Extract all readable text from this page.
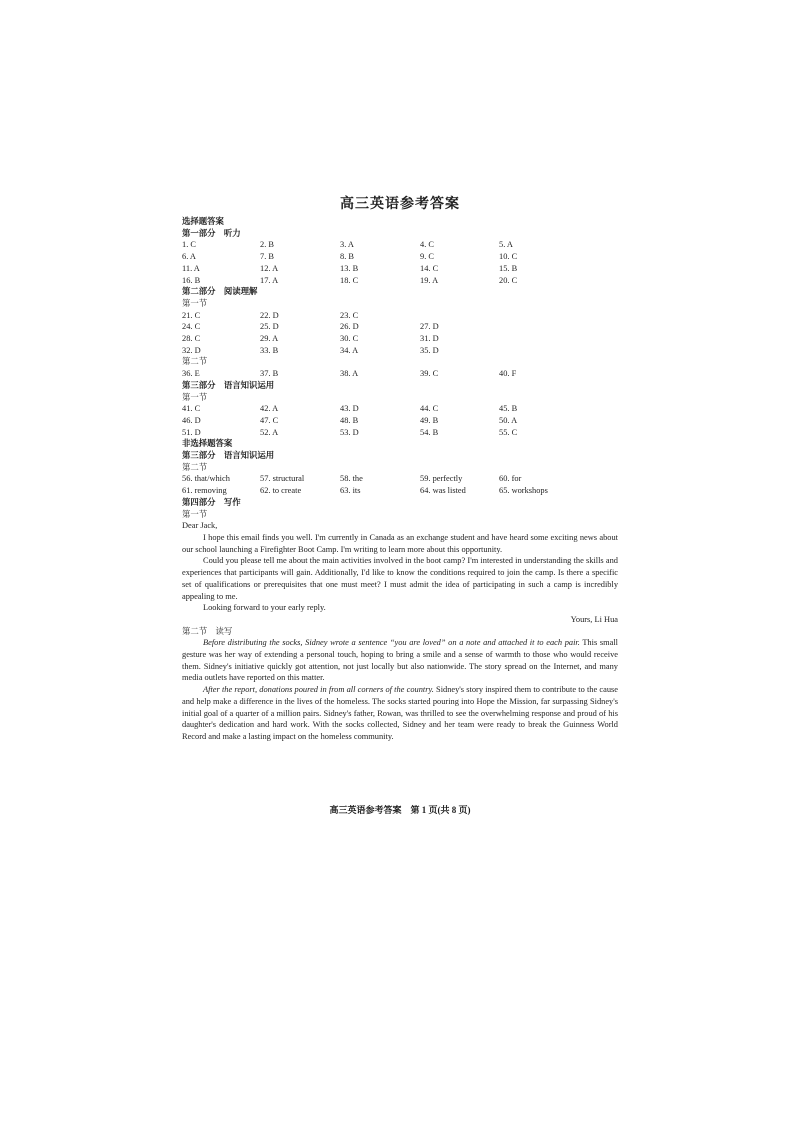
高三英语参考答案
选择题答案
第一部分　听力
1. C	2. B	3. A	4. C	5. A
6. A	7. B	8. B	9. C	10. C
11. A	12. A	13. B	14. C	15. B
16. B	17. A	18. C	19. A	20. C
第二部分　阅读理解
第一节
21. C	22. D	23. C
24. C	25. D	26. D	27. D
28. C	29. A	30. C	31. D
32. D	33. B	34. A	35. D
第二节
36. E	37. B	38. A	39. C	40. F
第三部分　语言知识运用
第一节
41. C	42. A	43. D	44. C	45. B
46. D	47. C	48. B	49. B	50. A
51. D	52. A	53. D	54. B	55. C
非选择题答案
第三部分　语言知识运用
第二节
56. that/which	57. structural	58. the	59. perfectly	60. for
61. removing	62. to create	63. its	64. was listed	65. workshops
第四部分　写作
第一节
Dear Jack,
I hope this email finds you well. I'm currently in Canada as an exchange student and have heard some exciting news about our school launching a Firefighter Boot Camp. I'm writing to learn more about this opportunity.
Could you please tell me about the main activities involved in the boot camp? I'm interested in understanding the skills and experiences that participants will gain. Additionally, I'd like to know the conditions required to join the camp. Is there a specific set of qualifications or prerequisites that one must meet? I must admit the idea of participating in such a camp is incredibly appealing to me.
Looking forward to your early reply.
Yours, Li Hua
第二节　读写
Before distributing the socks, Sidney wrote a sentence “you are loved” on a note and attached it to each pair. This small gesture was her way of extending a personal touch, hoping to bring a smile and a sense of warmth to those who would receive them. Sidney's initiative quickly got attention, not just locally but also nationwide. The story spread on the Internet, and many media outlets have reported on this matter.
After the report, donations poured in from all corners of the country. Sidney's story inspired them to contribute to the cause and help make a difference in the lives of the homeless. The socks started pouring into Hope the Mission, far surpassing Sidney's initial goal of a quarter of a million pairs. Sidney's father, Rowan, was thrilled to see the overwhelming response and proud of his daughter's dedication and hard work. With the socks collected, Sidney and her team were ready to break the Guinness World Record and make a lasting impact on the homeless community.
高三英语参考答案　第 1 页(共 8 页)
